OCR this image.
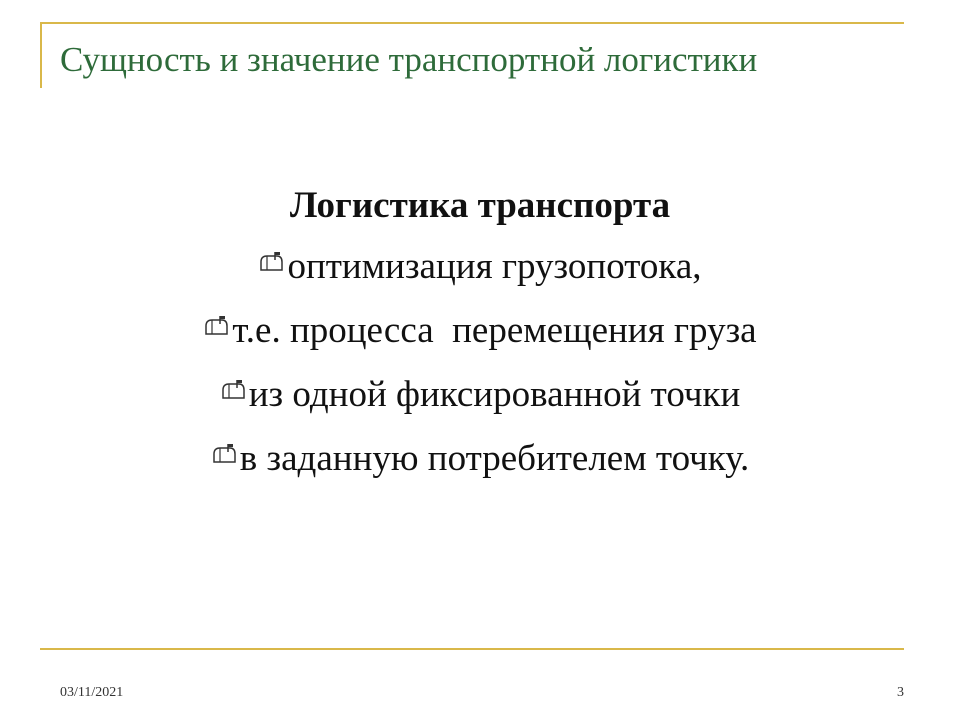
Сущность и значение транспортной логистики
Логистика транспорта
оптимизация грузопотока,
т.е. процесса  перемещения груза
из одной фиксированной точки
в заданную потребителем точку.
03/11/2021	3
